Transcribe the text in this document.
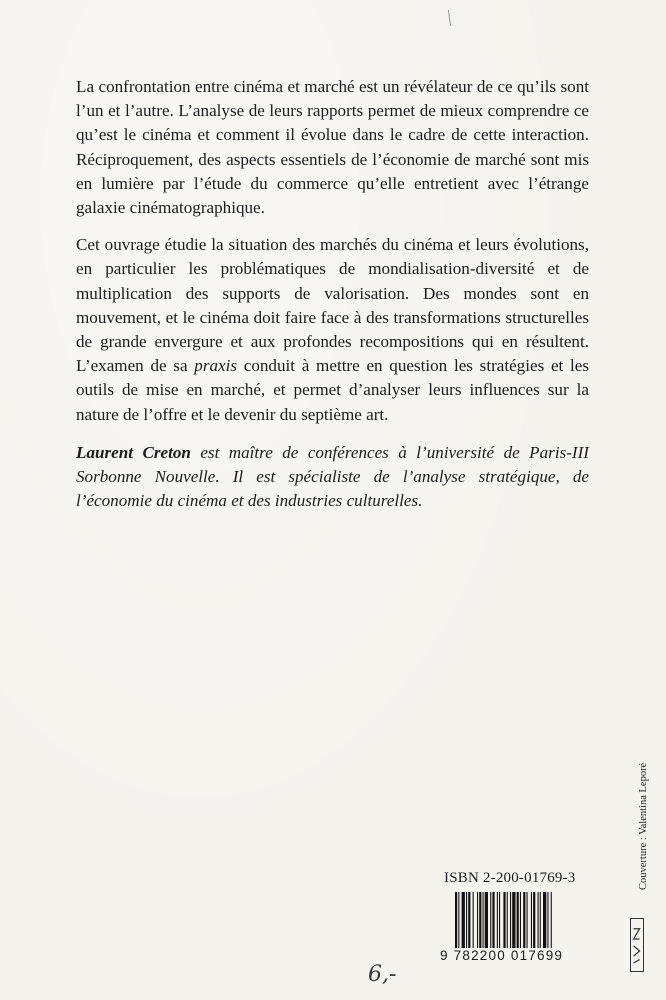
La confrontation entre cinéma et marché est un révélateur de ce qu’ils sont l’un et l’autre. L’analyse de leurs rapports permet de mieux comprendre ce qu’est le cinéma et comment il évolue dans le cadre de cette interaction. Réciproquement, des aspects essentiels de l’économie de marché sont mis en lumière par l’étude du commerce qu’elle entretient avec l’étrange galaxie cinématographique.

Cet ouvrage étudie la situation des marchés du cinéma et leurs évolutions, en particulier les problématiques de mondialisation-diversité et de multiplication des supports de valorisation. Des mondes sont en mouvement, et le cinéma doit faire face à des transformations structurelles de grande envergure et aux profondes recompositions qui en résultent. L’examen de sa praxis conduit à mettre en question les stratégies et les outils de mise en marché, et permet d’analyser leurs influences sur la nature de l’offre et le devenir du septième art.

Laurent Creton est maître de conférences à l’université de Paris-III Sorbonne Nouvelle. Il est spécialiste de l’analyse stratégique, de l’économie du cinéma et des industries culturelles.

ISBN 2-200-01769-3
9 782200 017699
Couverture : Valentina Leporé
6,-
